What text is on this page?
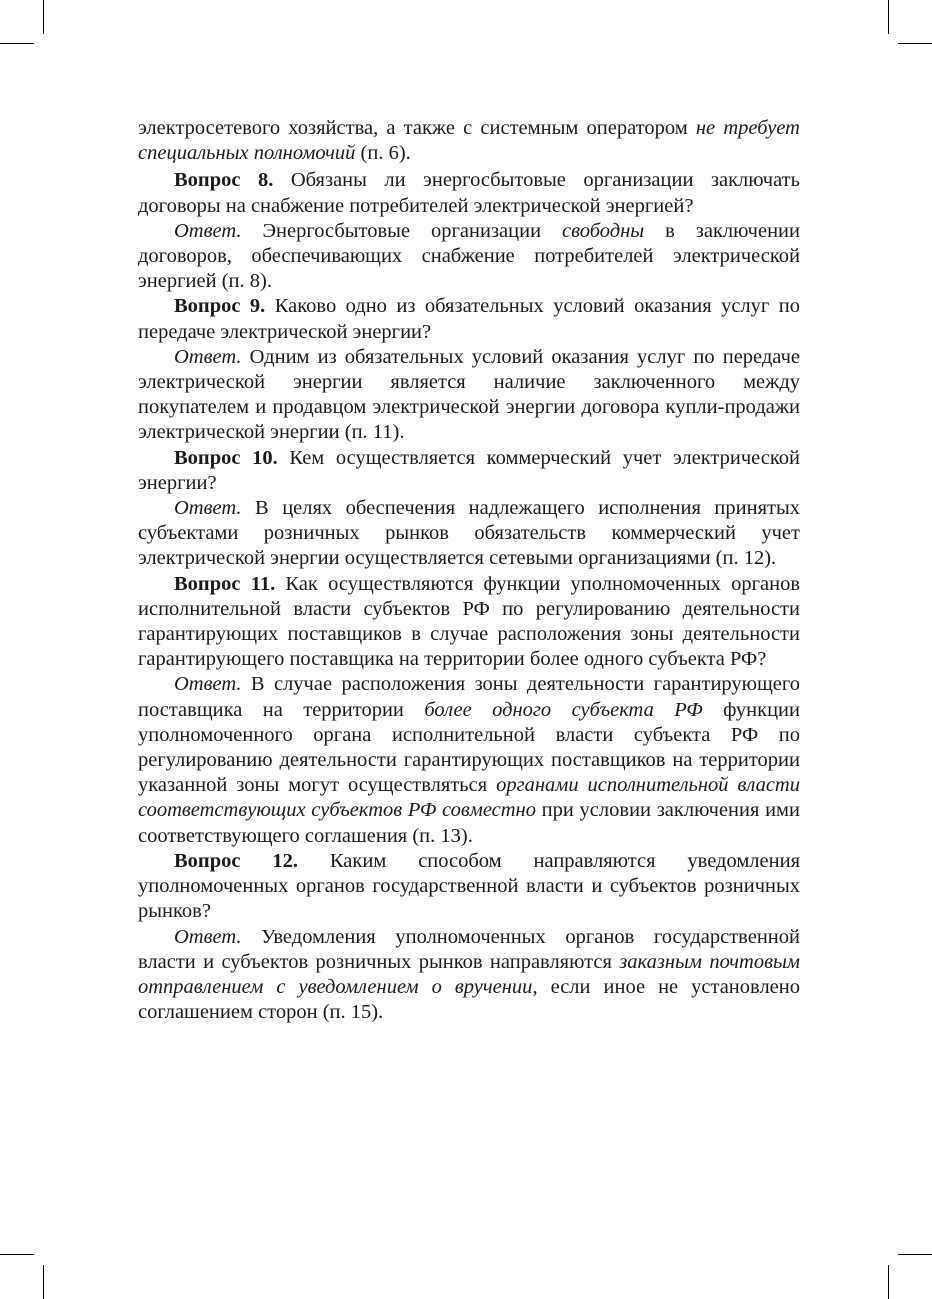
электросетевого хозяйства, а также с системным оператором не требует специальных полномочий (п. 6).

Вопрос 8. Обязаны ли энергосбытовые организации заключать договоры на снабжение потребителей электрической энергией?

Ответ. Энергосбытовые организации свободны в заключении договоров, обеспечивающих снабжение потребителей электрической энергией (п. 8).

Вопрос 9. Каково одно из обязательных условий оказания услуг по передаче электрической энергии?

Ответ. Одним из обязательных условий оказания услуг по передаче электрической энергии является наличие заключенного между покупателем и продавцом электрической энергии договора купли-продажи электрической энергии (п. 11).

Вопрос 10. Кем осуществляется коммерческий учет электрической энергии?

Ответ. В целях обеспечения надлежащего исполнения принятых субъектами розничных рынков обязательств коммерческий учет электрической энергии осуществляется сетевыми организациями (п. 12).

Вопрос 11. Как осуществляются функции уполномоченных органов исполнительной власти субъектов РФ по регулированию деятельности гарантирующих поставщиков в случае расположения зоны деятельности гарантирующего поставщика на территории более одного субъекта РФ?

Ответ. В случае расположения зоны деятельности гарантирующего поставщика на территории более одного субъекта РФ функции уполномоченного органа исполнительной власти субъекта РФ по регулированию деятельности гарантирующих поставщиков на территории указанной зоны могут осуществляться органами исполнительной власти соответствующих субъектов РФ совместно при условии заключения ими соответствующего соглашения (п. 13).

Вопрос 12. Каким способом направляются уведомления уполномоченных органов государственной власти и субъектов розничных рынков?

Ответ. Уведомления уполномоченных органов государственной власти и субъектов розничных рынков направляются заказным почтовым отправлением с уведомлением о вручении, если иное не установлено соглашением сторон (п. 15).
